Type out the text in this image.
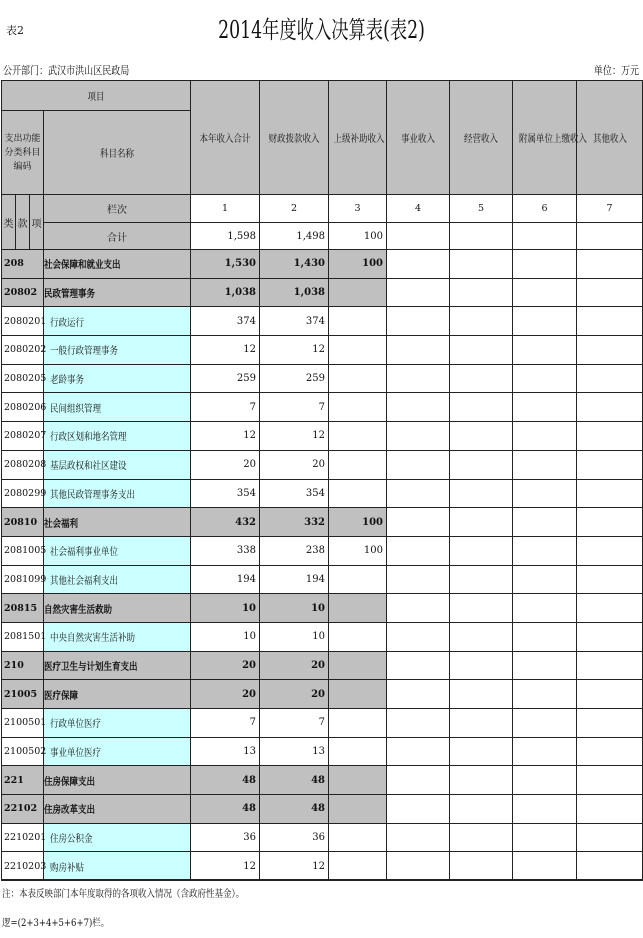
表2	2014年度收入决算表(表2)
公开部门：武汉市洪山区民政局	单位：万元
项目				本年收入合计	财政拨款收入	上级补助收入	事业收入	经营收入	附属单位上缴收入	其他收入
支出功能分类科目编码			科目名称							
类	款	项	栏次	1	2	3	4	5	6	7
			合计	1,598	1,498	100				
208			社会保障和就业支出	1,530	1,430	100				
20802			民政管理事务	1,038	1,038					
2080201			行政运行	374	374					
2080202			一般行政管理事务	12	12					
2080205			老龄事务	259	259					
2080206			民间组织管理	7	7					
2080207			行政区划和地名管理	12	12					
2080208			基层政权和社区建设	20	20					
2080299			其他民政管理事务支出	354	354					
20810			社会福利	432	332	100				
2081005			社会福利事业单位	338	238	100				
2081099			其他社会福利支出	194	194					
20815			自然灾害生活救助	10	10					
2081501			中央自然灾害生活补助	10	10					
210			医疗卫生与计划生育支出	20	20					
21005			医疗保障	20	20					
2100501			行政单位医疗	7	7					
2100502			事业单位医疗	13	13					
221			住房保障支出	48	48					
22102			住房改革支出	48	48					
2210201			住房公积金	36	36					
2210203			购房补贴	12	12					
注：本表反映部门本年度取得的各项收入情况（含政府性基金）。
逻=(2+3+4+5+6+7)栏。
